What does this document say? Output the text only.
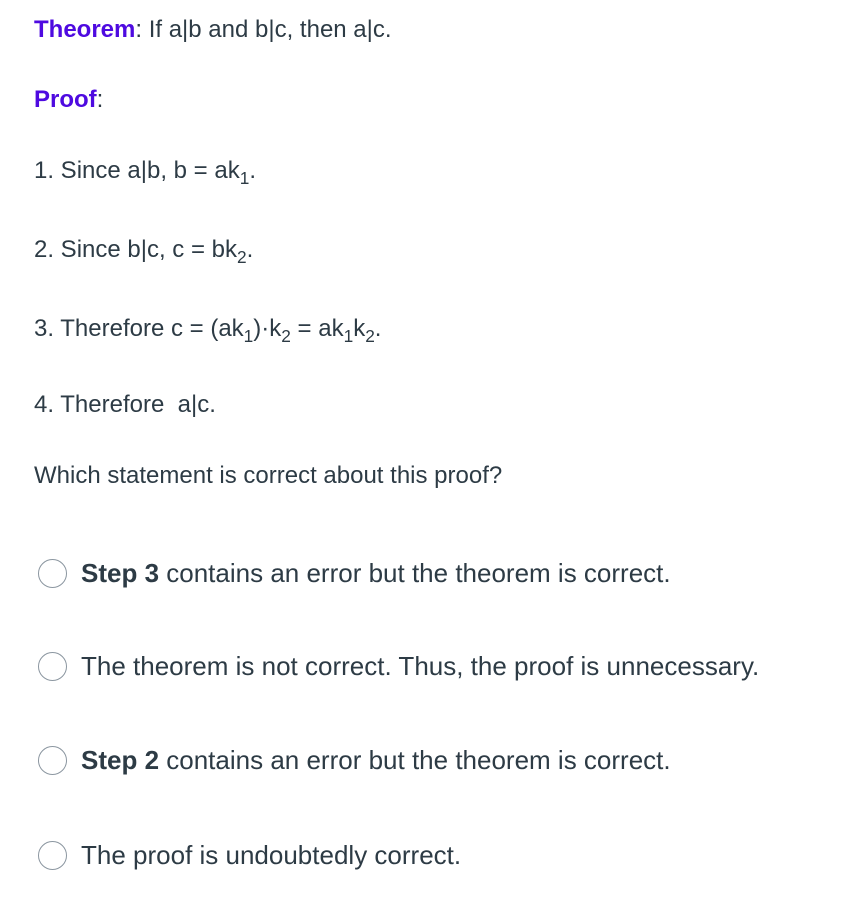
Theorem: If a|b and b|c, then a|c.
Proof:
1. Since a|b, $b = ak_1$.
2. Since b|c, $c = bk_2$.
3. Therefore $c = (ak_1)\cdot k_2 = ak_1k_2$.
4. Therefore  a|c.
Which statement is correct about this proof?
Step 3 contains an error but the theorem is correct.
The theorem is not correct. Thus, the proof is unnecessary.
Step 2 contains an error but the theorem is correct.
The proof is undoubtedly correct.
